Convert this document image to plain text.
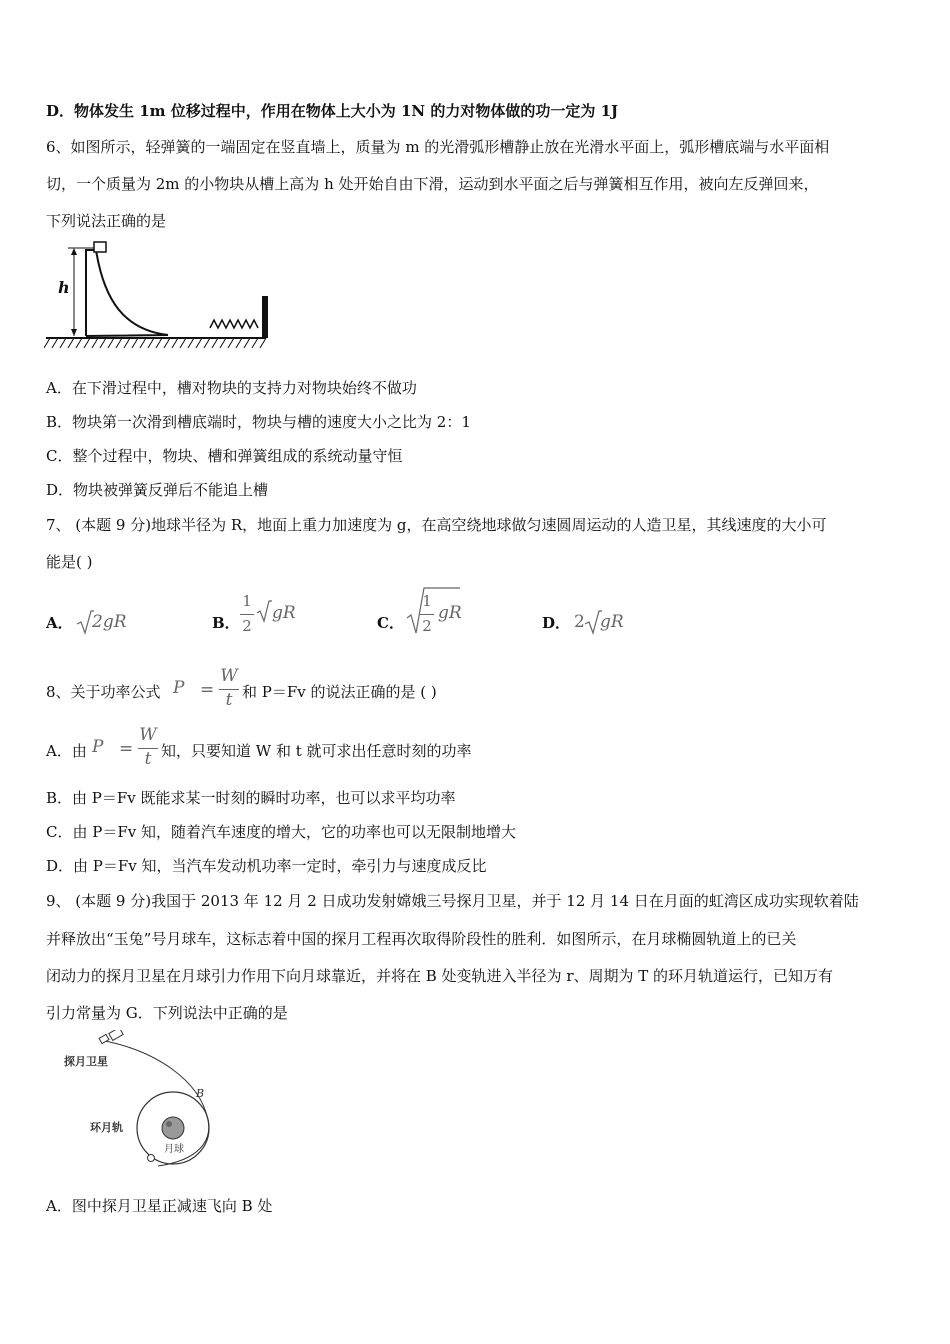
D．物体发生 1m 位移过程中，作用在物体上大小为 1N 的力对物体做的功一定为 1J
6、如图所示，轻弹簧的一端固定在竖直墙上，质量为 m 的光滑弧形槽静止放在光滑水平面上，弧形槽底端与水平面相
切，一个质量为 2m 的小物块从槽上高为 h 处开始自由下滑，运动到水平面之后与弹簧相互作用，被向左反弹回来，
下列说法正确的是
h
A．在下滑过程中，槽对物块的支持力对物块始终不做功
B．物块第一次滑到槽底端时，物块与槽的速度大小之比为 2：1
C．整个过程中，物块、槽和弹簧组成的系统动量守恒
D．物块被弹簧反弹后不能追上槽
7、 (本题 9 分)地球半径为 R，地面上重力加速度为 g，在高空绕地球做匀速圆周运动的人造卫星，其线速度的大小可
能是( )
A． 2gR	B．
1
2
gR	C．
1
2
gR	D． 2 gR
8、关于功率公式 P =
W
t 和 P＝Fv 的说法正确的是 ( )
A．由 P =
W
t 知，只要知道 W 和 t 就可求出任意时刻的功率
B．由 P＝Fv 既能求某一时刻的瞬时功率，也可以求平均功率
C．由 P＝Fv 知，随着汽车速度的增大，它的功率也可以无限制地增大
D．由 P＝Fv 知，当汽车发动机功率一定时，牵引力与速度成反比
9、 (本题 9 分)我国于 2013 年 12 月 2 日成功发射嫦娥三号探月卫星，并于 12 月 14 日在月面的虹湾区成功实现软着陆
并释放出“玉兔”号月球车，这标志着中国的探月工程再次取得阶段性的胜利．如图所示，在月球椭圆轨道上的已关
闭动力的探月卫星在月球引力作用下向月球靠近，并将在 B 处变轨进入半径为 r、周期为 T 的环月轨道运行，已知万有
引力常量为 G．下列说法中正确的是
探月卫星
环月轨
月球
B
A．图中探月卫星正减速飞向 B 处
